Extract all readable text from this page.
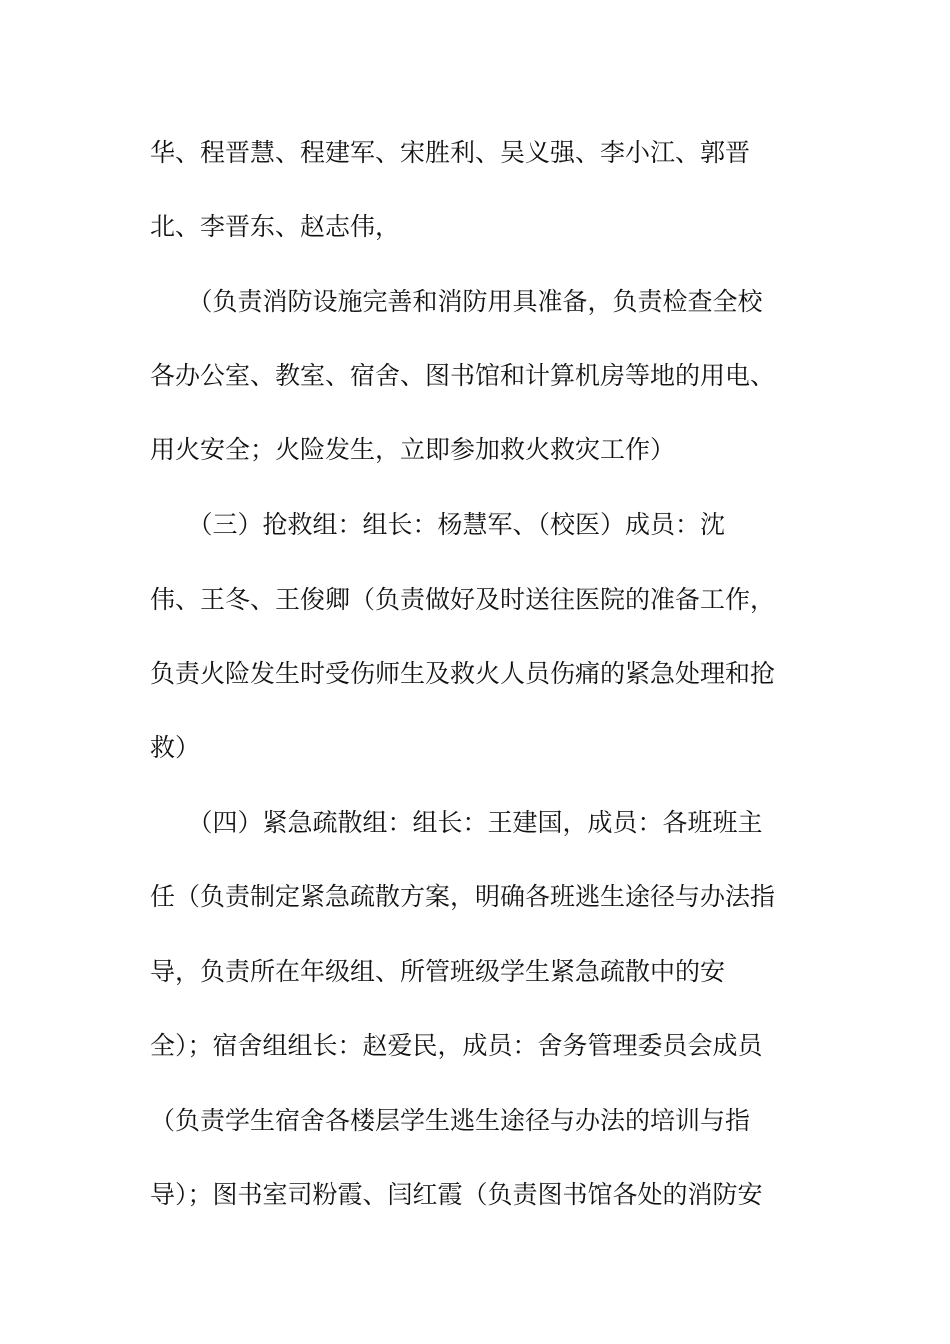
华、程晋慧、程建军、宋胜利、吴义强、李小江、郭晋
北、李晋东、赵志伟，
　　（负责消防设施完善和消防用具准备，负责检查全校
各办公室、教室、宿舍、图书馆和计算机房等地的用电、
用火安全；火险发生，立即参加救火救灾工作）
　　（三）抢救组：组长：杨慧军、（校医）成员：沈
伟、王冬、王俊卿（负责做好及时送往医院的准备工作，
负责火险发生时受伤师生及救火人员伤痛的紧急处理和抢
救）
　　（四）紧急疏散组：组长：王建国，成员：各班班主
任（负责制定紧急疏散方案，明确各班逃生途径与办法指
导，负责所在年级组、所管班级学生紧急疏散中的安
全）；宿舍组组长：赵爱民，成员：舍务管理委员会成员
（负责学生宿舍各楼层学生逃生途径与办法的培训与指
导）；图书室司粉霞、闫红霞（负责图书馆各处的消防安
